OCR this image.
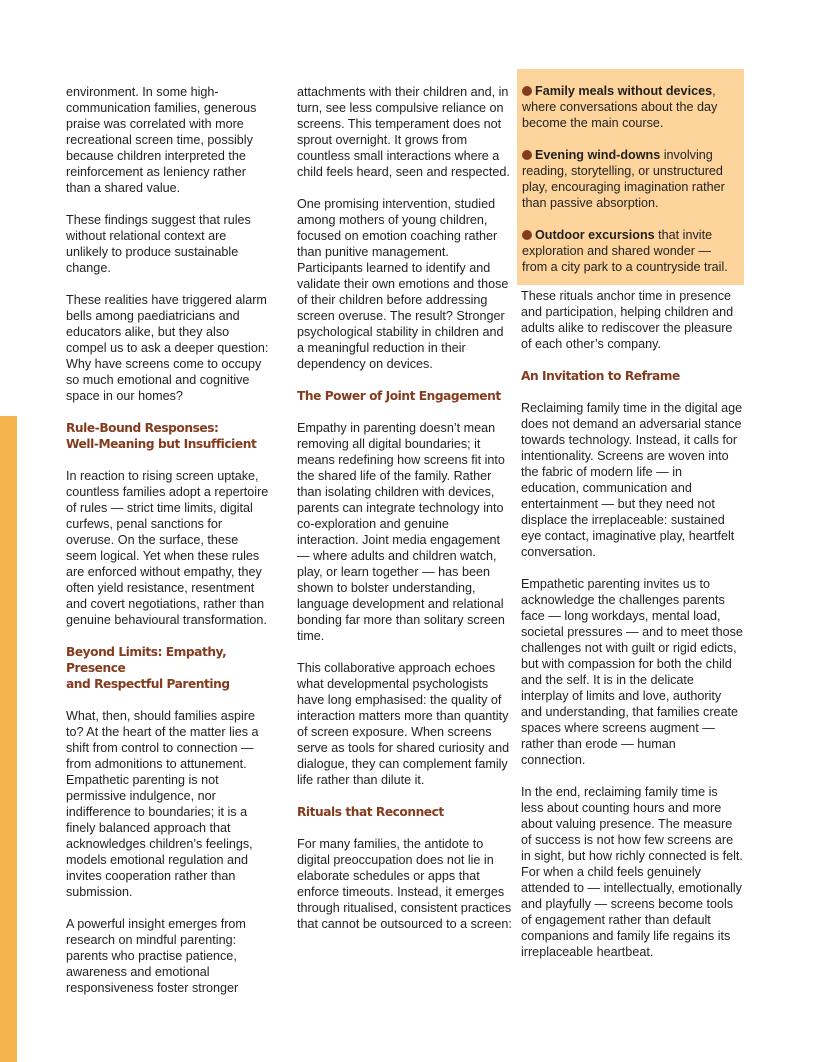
environment. In some high-communication families, generous praise was correlated with more recreational screen time, possibly because children interpreted the reinforcement as leniency rather than a shared value.

These findings suggest that rules without relational context are unlikely to produce sustainable change.

These realities have triggered alarm bells among paediatricians and educators alike, but they also compel us to ask a deeper question: Why have screens come to occupy so much emotional and cognitive space in our homes?

Rule-Bound Responses:
Well-Meaning but Insufficient

In reaction to rising screen uptake, countless families adopt a repertoire of rules — strict time limits, digital curfews, penal sanctions for overuse. On the surface, these seem logical. Yet when these rules are enforced without empathy, they often yield resistance, resentment and covert negotiations, rather than genuine behavioural transformation.

Beyond Limits: Empathy, Presence
and Respectful Parenting

What, then, should families aspire to? At the heart of the matter lies a shift from control to connection — from admonitions to attunement. Empathetic parenting is not permissive indulgence, nor indifference to boundaries; it is a finely balanced approach that acknowledges children’s feelings, models emotional regulation and invites cooperation rather than submission.

A powerful insight emerges from research on mindful parenting: parents who practise patience, awareness and emotional responsiveness foster stronger

attachments with their children and, in turn, see less compulsive reliance on screens. This temperament does not sprout overnight. It grows from countless small interactions where a child feels heard, seen and respected.

One promising intervention, studied among mothers of young children, focused on emotion coaching rather than punitive management. Participants learned to identify and validate their own emotions and those of their children before addressing screen overuse. The result? Stronger psychological stability in children and a meaningful reduction in their dependency on devices.

The Power of Joint Engagement

Empathy in parenting doesn’t mean removing all digital boundaries; it means redefining how screens fit into the shared life of the family. Rather than isolating children with devices, parents can integrate technology into co-exploration and genuine interaction. Joint media engagement — where adults and children watch, play, or learn together — has been shown to bolster understanding, language development and relational bonding far more than solitary screen time.

This collaborative approach echoes what developmental psychologists have long emphasised: the quality of interaction matters more than quantity of screen exposure. When screens serve as tools for shared curiosity and dialogue, they can complement family life rather than dilute it.

Rituals that Reconnect

For many families, the antidote to digital preoccupation does not lie in elaborate schedules or apps that enforce timeouts. Instead, it emerges through ritualised, consistent practices that cannot be outsourced to a screen:

Family meals without devices, where conversations about the day become the main course.
Evening wind-downs involving reading, storytelling, or unstructured play, encouraging imagination rather than passive absorption.
Outdoor excursions that invite exploration and shared wonder — from a city park to a countryside trail.

These rituals anchor time in presence and participation, helping children and adults alike to rediscover the pleasure of each other’s company.

An Invitation to Reframe

Reclaiming family time in the digital age does not demand an adversarial stance towards technology. Instead, it calls for intentionality. Screens are woven into the fabric of modern life — in education, communication and entertainment — but they need not displace the irreplaceable: sustained eye contact, imaginative play, heartfelt conversation.

Empathetic parenting invites us to acknowledge the challenges parents face — long workdays, mental load, societal pressures — and to meet those challenges not with guilt or rigid edicts, but with compassion for both the child and the self. It is in the delicate interplay of limits and love, authority and understanding, that families create spaces where screens augment — rather than erode — human connection.

In the end, reclaiming family time is less about counting hours and more about valuing presence. The measure of success is not how few screens are in sight, but how richly connected is felt. For when a child feels genuinely attended to — intellectually, emotionally and playfully — screens become tools of engagement rather than default companions and family life regains its irreplaceable heartbeat.
